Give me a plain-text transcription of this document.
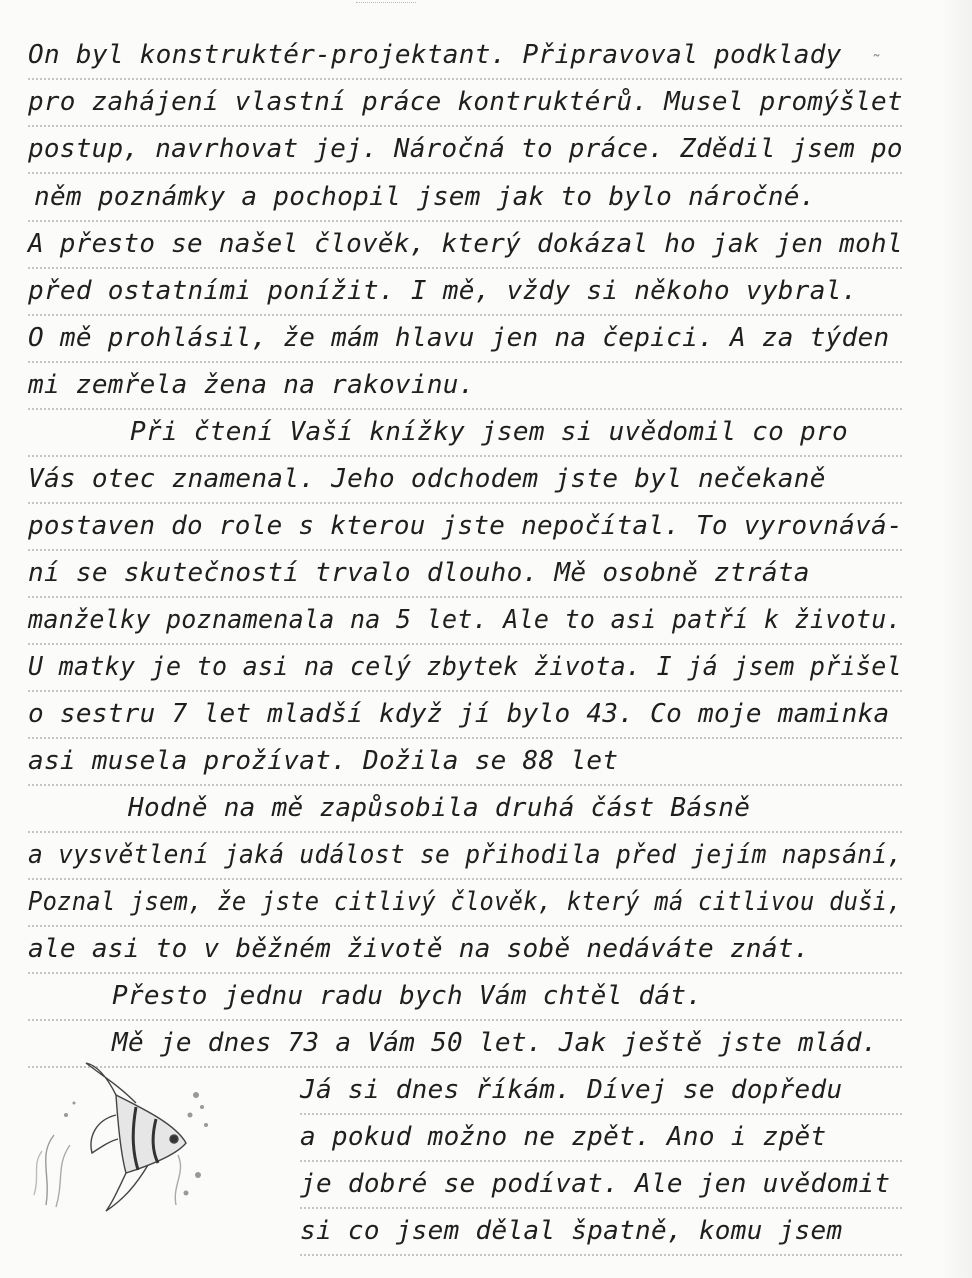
˜
On byl konstruktér-projektant. Připravoval podklady
pro zahájení vlastní práce kontruktérů. Musel promýšlet
postup, navrhovat jej. Náročná to práce. Zdědil jsem po
něm poznámky a pochopil jsem jak to bylo náročné.
A přesto se našel člověk, který dokázal ho jak jen mohl
před ostatními ponížit. I mě, vždy si někoho vybral.
O mě prohlásil, že mám hlavu jen na čepici. A za týden
mi zemřela žena na rakovinu.
Při čtení Vaší knížky jsem si uvědomil co pro
Vás otec znamenal. Jeho odchodem jste byl nečekaně
postaven do role s kterou jste nepočítal. To vyrovnává-
ní se skutečností trvalo dlouho. Mě osobně ztráta
manželky poznamenala na 5 let. Ale to asi patří k životu.
U matky je to asi na celý zbytek života. I já jsem přišel
o sestru 7 let mladší když jí bylo 43. Co moje maminka
asi musela prožívat. Dožila se 88 let
Hodně na mě zapůsobila druhá část Básně
a vysvětlení jaká událost se přihodila před jejím napsání,
Poznal jsem, že jste citlivý člověk, který má citlivou duši,
ale asi to v běžném životě na sobě nedáváte znát.
Přesto jednu radu bych Vám chtěl dát.
Mě je dnes 73 a Vám 50 let. Jak ještě jste mlád.
Já si dnes říkám. Dívej se dopředu
a pokud možno ne zpět. Ano i zpět
je dobré se podívat. Ale jen uvědomit
si co jsem dělal špatně, komu jsem
